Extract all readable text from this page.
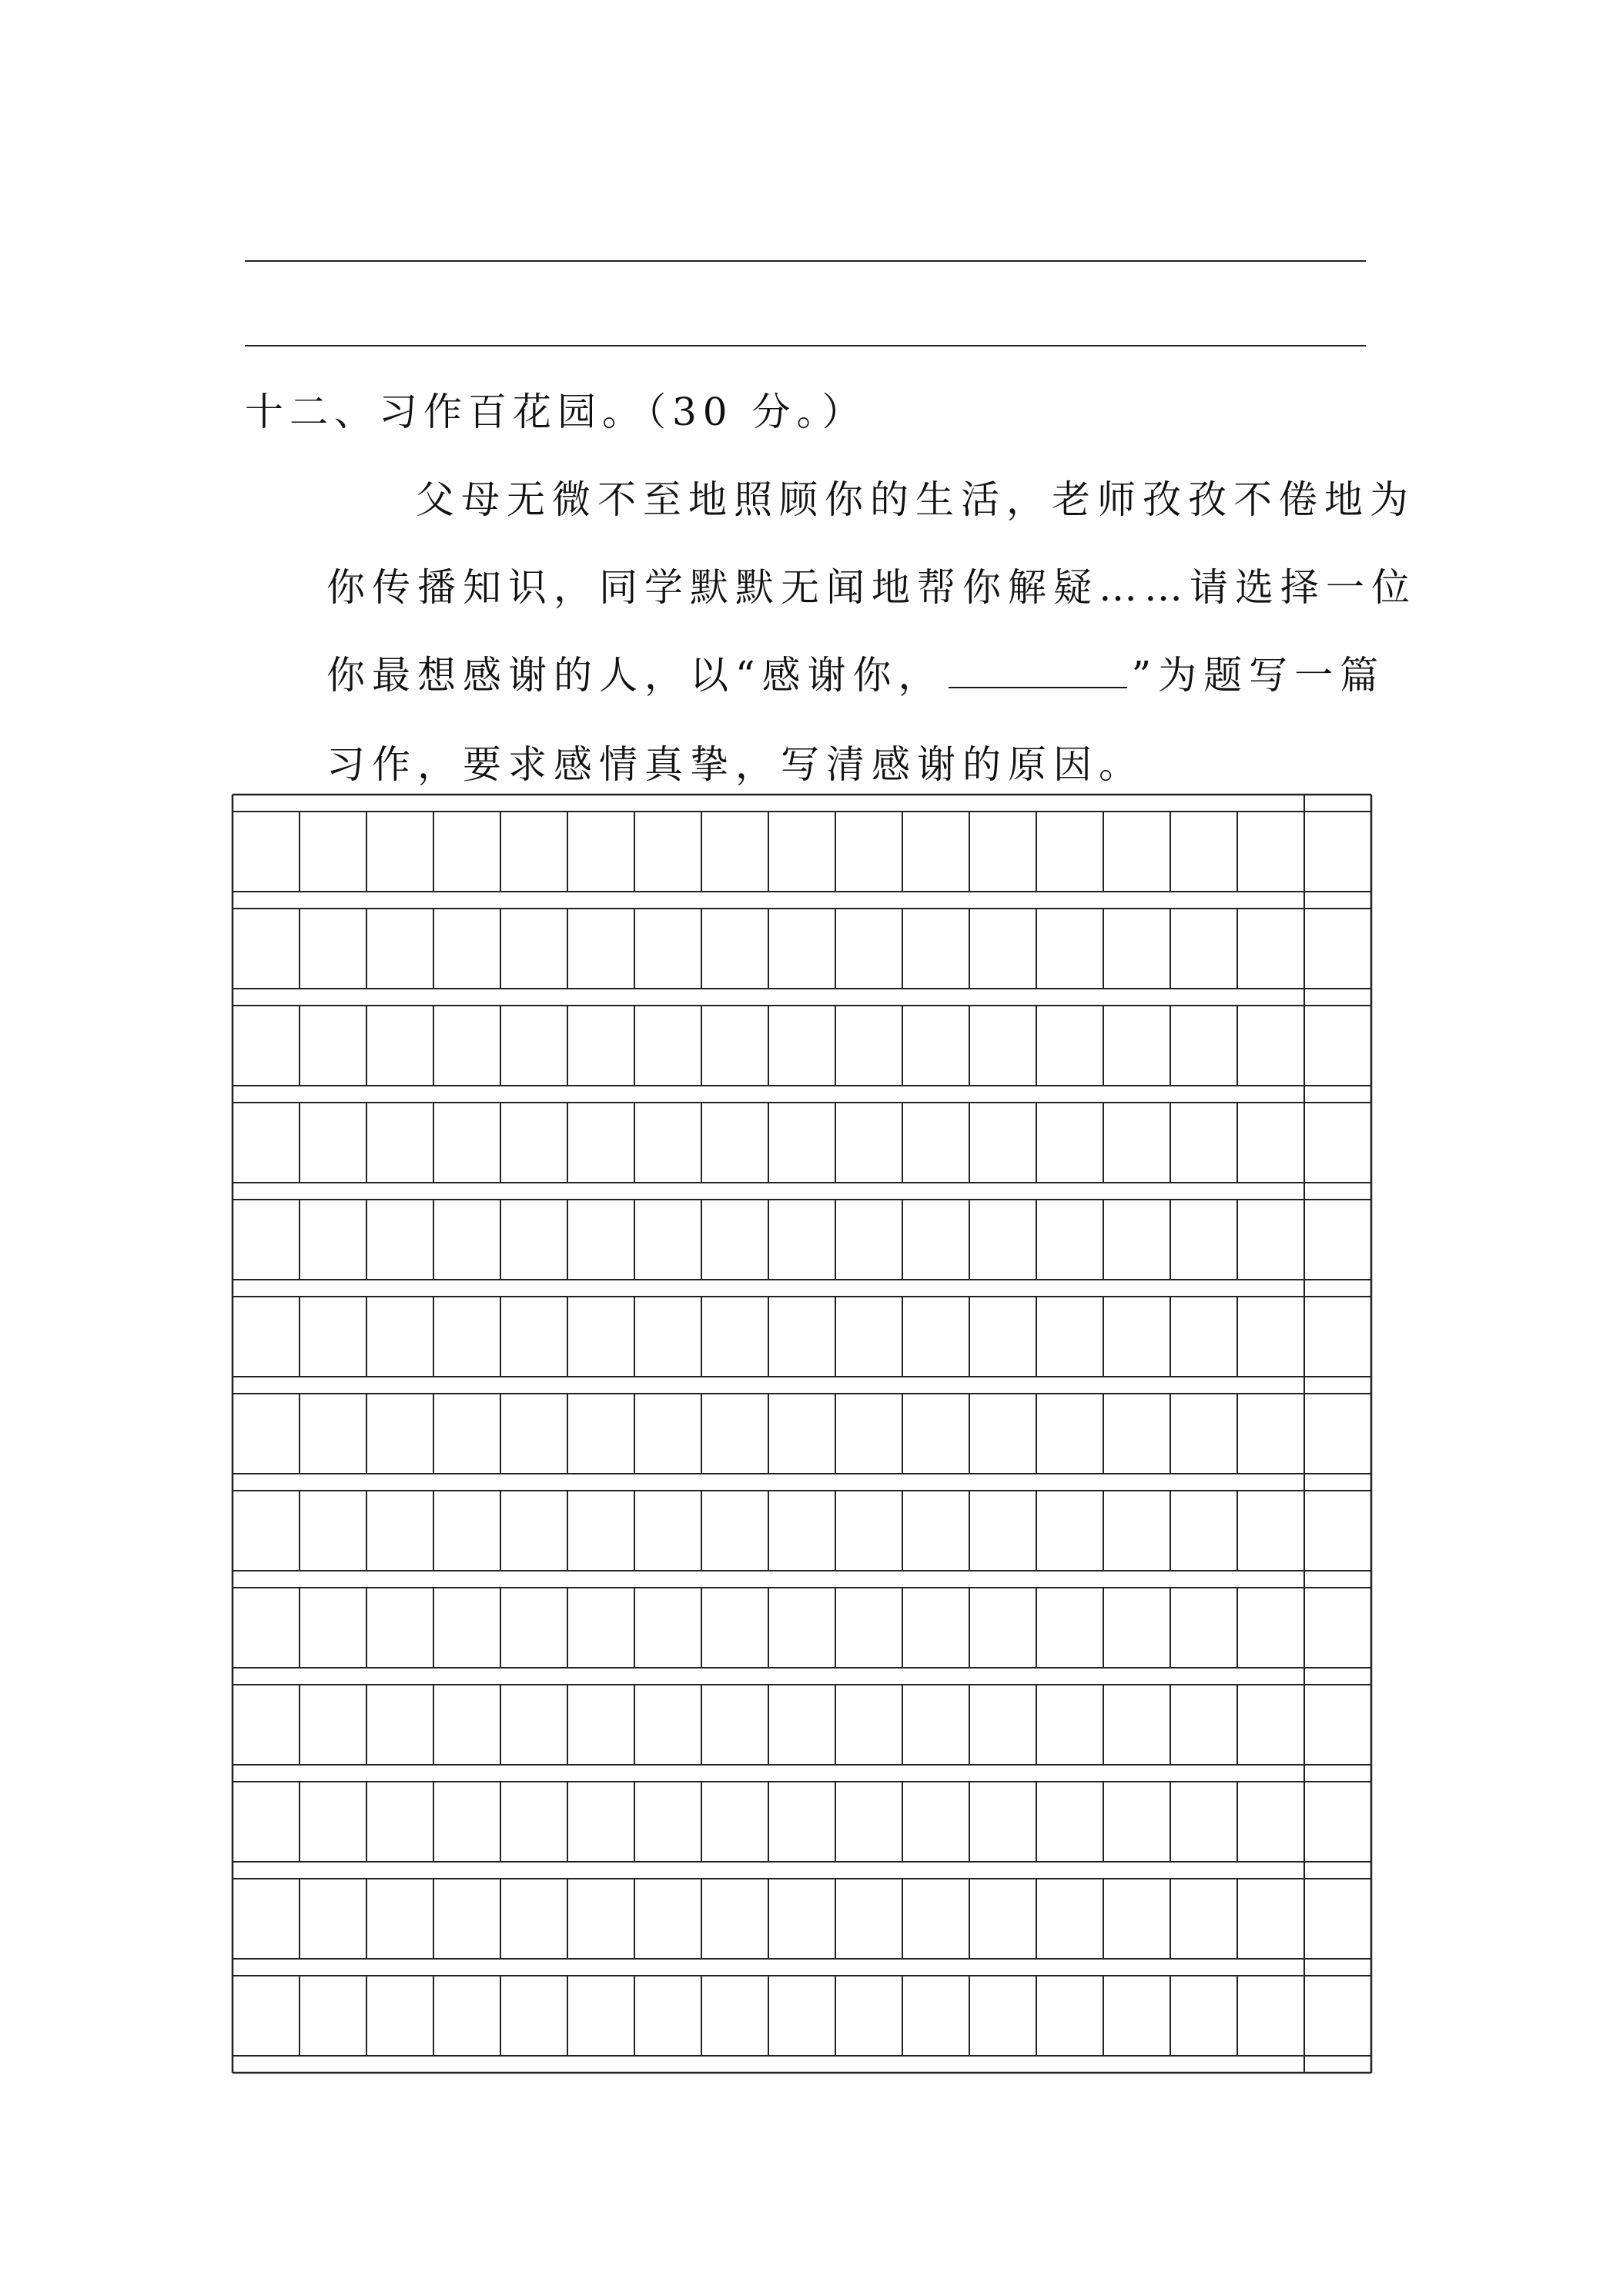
十二、习作百花园。（30 分。）
父母无微不至地照顾你的生活，老师孜孜不倦地为
你传播知识，同学默默无闻地帮你解疑……请选择一位
你最想感谢的人，以“感谢你，	”为题写一篇
习作，要求感情真挚，写清感谢的原因。
